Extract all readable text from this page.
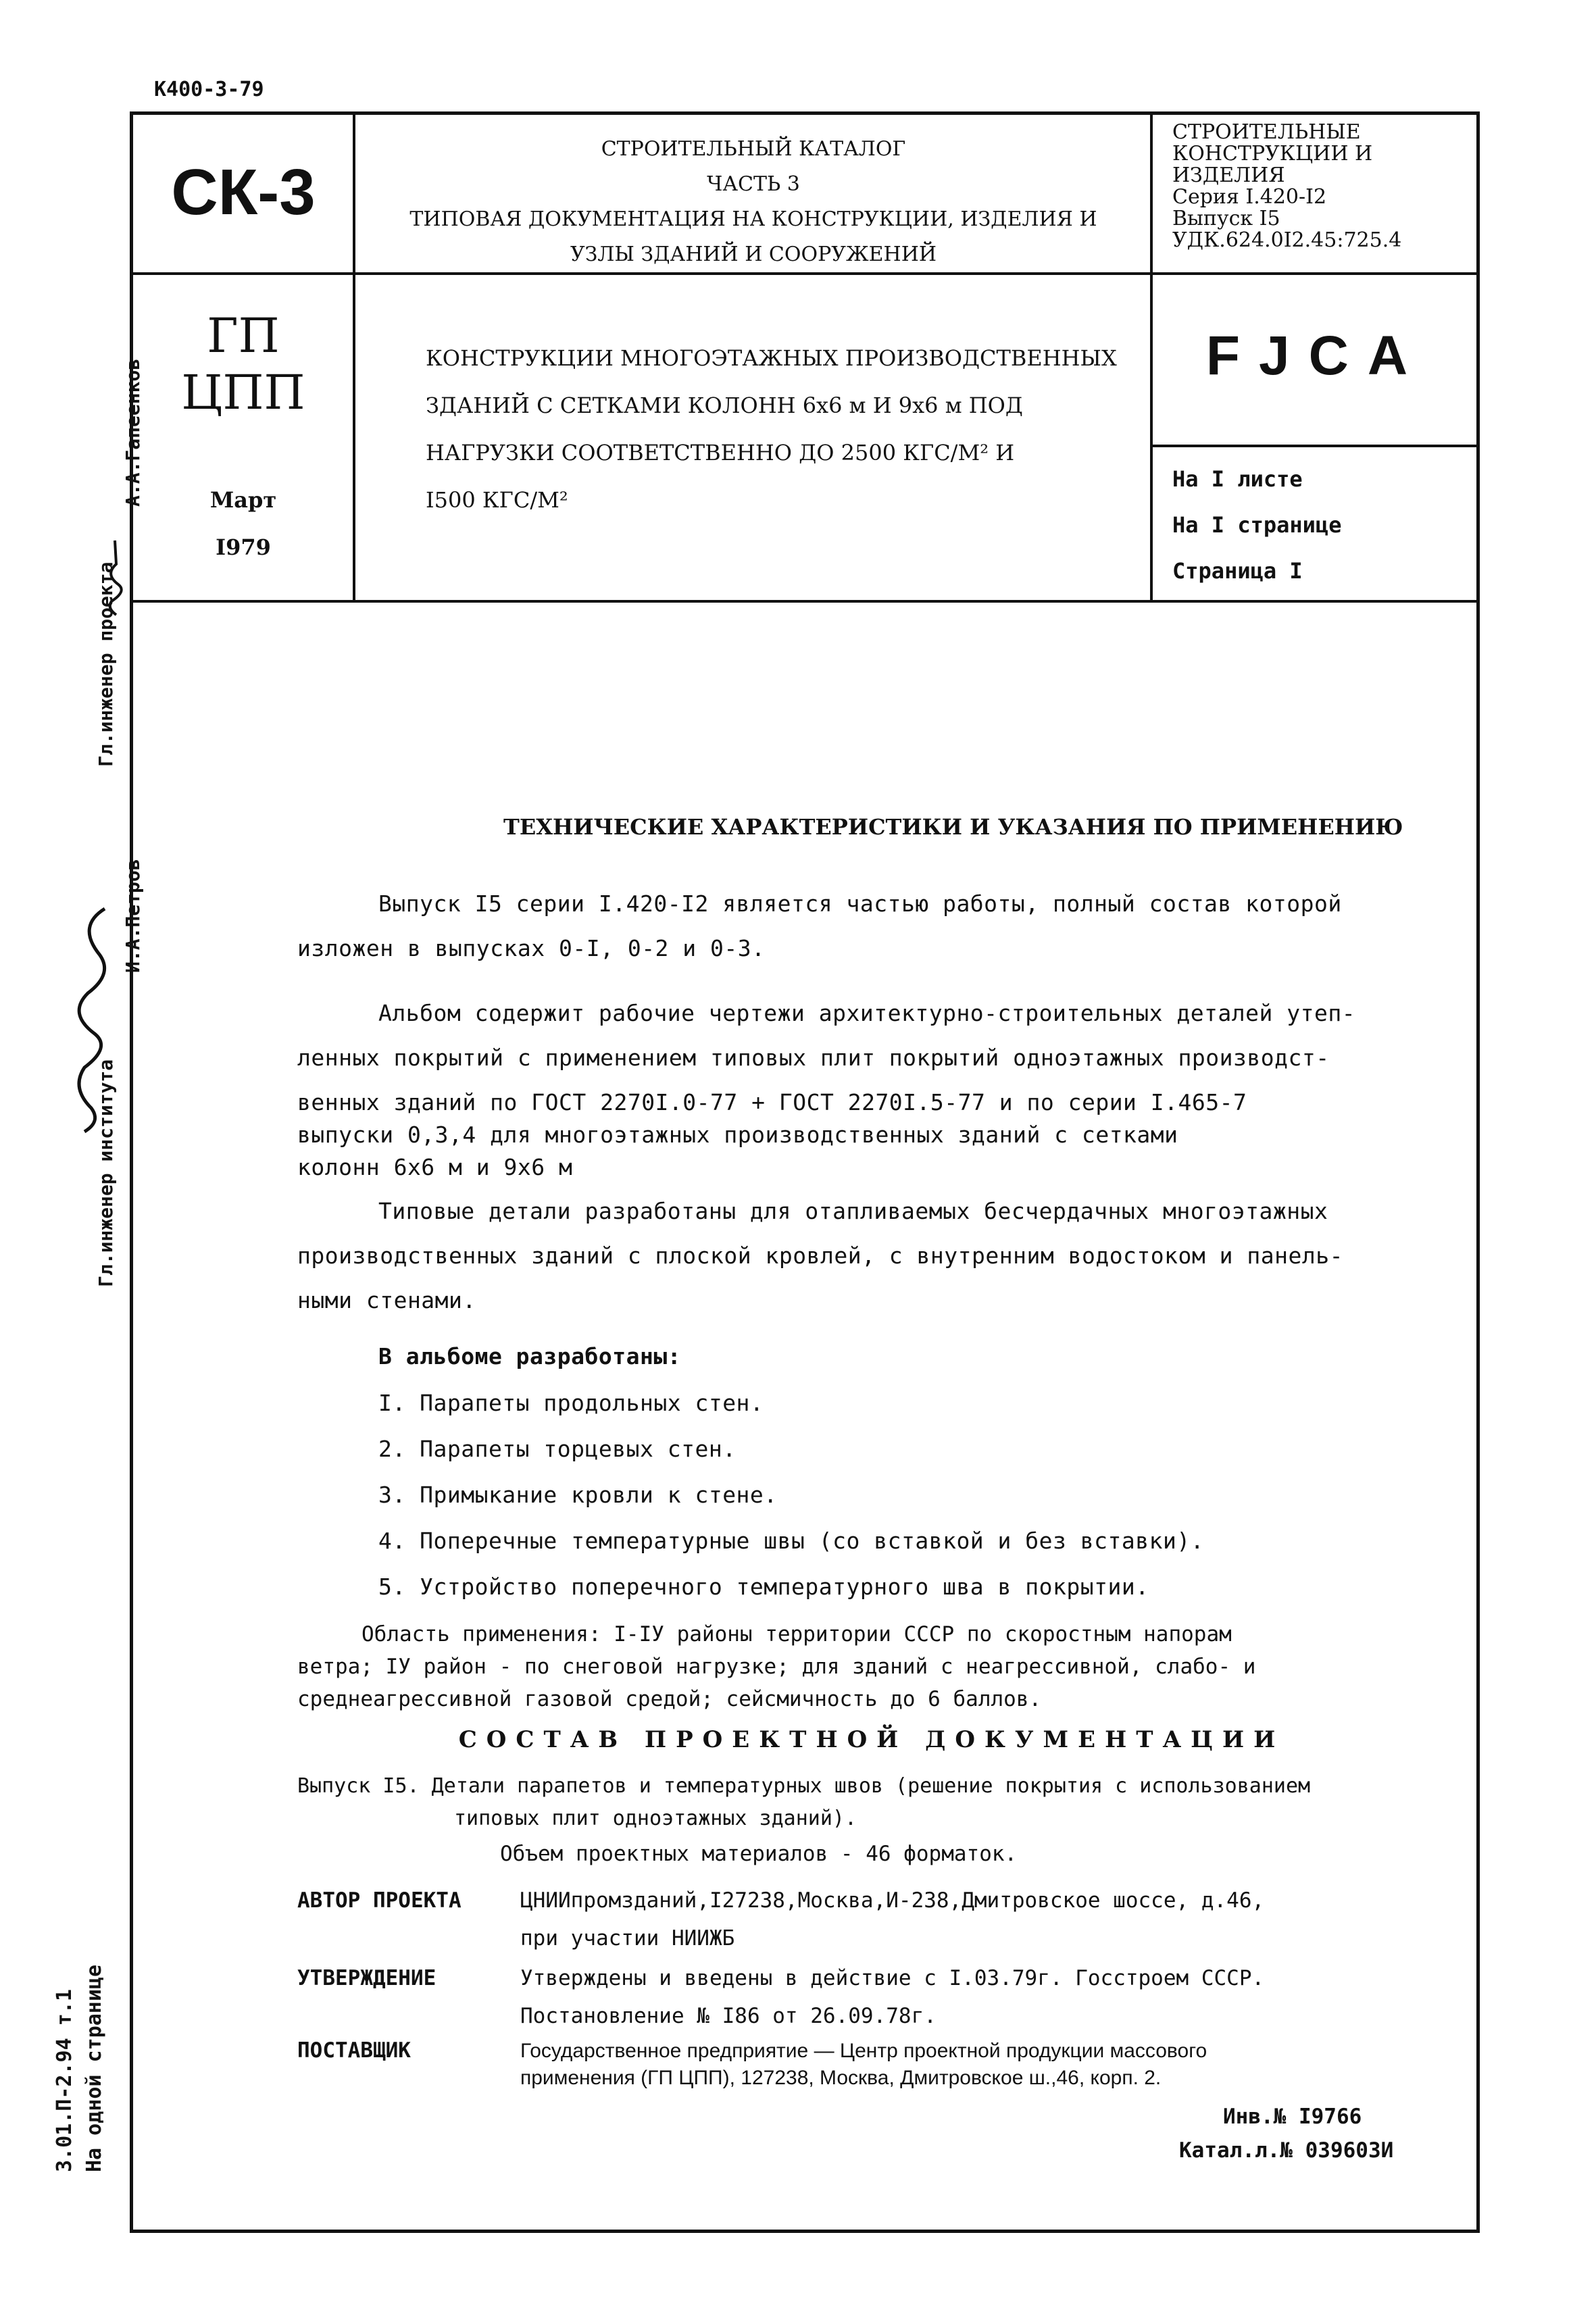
К400-3-79
СК-3
СТРОИТЕЛЬНЫЙ КАТАЛОГ
ЧАСТЬ 3
ТИПОВАЯ ДОКУМЕНТАЦИЯ НА КОНСТРУКЦИИ, ИЗДЕЛИЯ И
УЗЛЫ ЗДАНИЙ И СООРУЖЕНИЙ
СТРОИТЕЛЬНЫЕ
КОНСТРУКЦИИ И
ИЗДЕЛИЯ
Серия I.420-I2
Выпуск I5
УДК.624.0I2.45:725.4
ГП
ЦПП
Март
I979
КОНСТРУКЦИИ МНОГОЭТАЖНЫХ ПРОИЗВОДСТВЕННЫХ
ЗДАНИЙ С СЕТКАМИ КОЛОНН 6х6 м И 9х6 м ПОД
НАГРУЗКИ СООТВЕТСТВЕННО ДО 2500 КГС/М² И
I500 КГС/М²
FJCA
На I листе
На I странице
Страница I
Гл.инженер проекта
А.А.Гапеенков
И.А.Петров
Гл.инженер института
3.01.П-2.94 т.1 На одной странице
ТЕХНИЧЕСКИЕ ХАРАКТЕРИСТИКИ И УКАЗАНИЯ ПО ПРИМЕНЕНИЮ
Выпуск I5 серии I.420-I2 является частью работы, полный состав которой
изложен в выпусках 0-I, 0-2 и 0-3.
Альбом содержит рабочие чертежи архитектурно-строительных деталей утеп-
ленных покрытий с применением типовых плит покрытий одноэтажных производст-
венных зданий по ГОСТ 2270I.0-77 + ГОСТ 2270I.5-77 и по серии I.465-7
выпуски 0,3,4 для многоэтажных производственных зданий с сетками
колонн 6х6 м и 9х6 м
Типовые детали разработаны для отапливаемых бесчердачных многоэтажных
производственных зданий с плоской кровлей, с внутренним водостоком и панель-
ными стенами.
В альбоме разработаны:
I. Парапеты продольных стен.
2. Парапеты торцевых стен.
3. Примыкание кровли к стене.
4. Поперечные температурные швы (со вставкой и без вставки).
5. Устройство поперечного температурного шва в покрытии.
Область применения: I-IУ районы территории СССР по скоростным напорам
ветра; IУ район - по снеговой нагрузке; для зданий с неагрессивной, слабо- и
среднеагрессивной газовой средой; сейсмичность до 6 баллов.
СОСТАВ ПРОЕКТНОЙ ДОКУМЕНТАЦИИ
Выпуск I5. Детали парапетов и температурных швов (решение покрытия с использованием
типовых плит одноэтажных зданий).
Объем проектных материалов - 46 форматок.
АВТОР ПРОЕКТА	ЦНИИпромзданий,I27238,Москва,И-238,Дмитровское шоссе, д.46,
при участии НИИЖБ
УТВЕРЖДЕНИЕ	Утверждены и введены в действие с I.03.79г. Госстроем СССР.
Постановление № I86 от 26.09.78г.
ПОСТАВЩИК	Государственное предприятие — Центр проектной продукции массового
применения (ГП ЦПП), 127238, Москва, Дмитровское ш.,46, корп. 2.
Инв.№ I9766
Катал.л.№ 039603И
